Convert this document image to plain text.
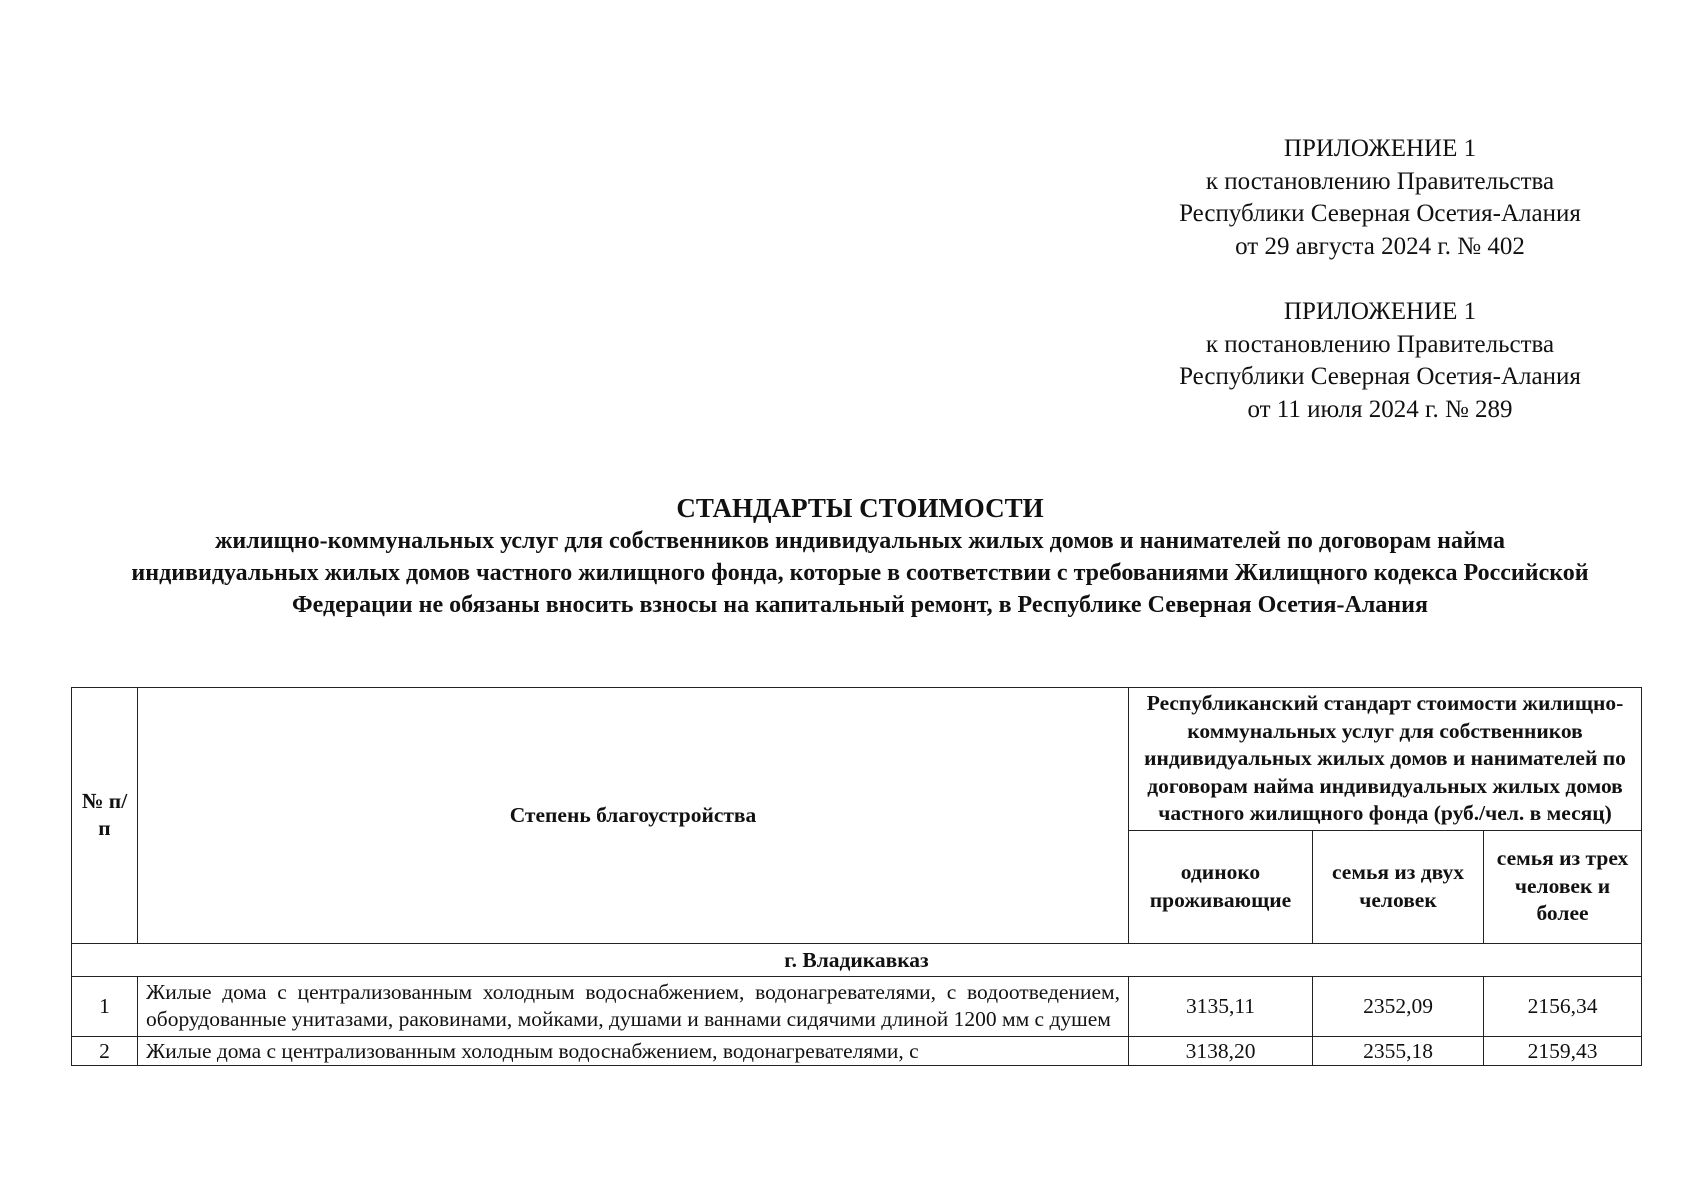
ПРИЛОЖЕНИЕ 1
к постановлению Правительства
Республики Северная Осетия-Алания
от 29 августа 2024 г. № 402
ПРИЛОЖЕНИЕ 1
к постановлению Правительства
Республики Северная Осетия-Алания
от 11 июля 2024 г. № 289
СТАНДАРТЫ СТОИМОСТИ
жилищно-коммунальных услуг для собственников индивидуальных жилых домов и нанимателей по договорам найма индивидуальных жилых домов частного жилищного фонда, которые в соответствии с требованиями Жилищного кодекса Российской Федерации не обязаны вносить взносы на капитальный ремонт, в Республике Северная Осетия-Алания
№ п/п	Степень благоустройства	Республиканский стандарт стоимости жилищно-коммунальных услуг для собственников индивидуальных жилых домов и нанимателей по договорам найма индивидуальных жилых домов частного жилищного фонда (руб./чел. в месяц)		
		одиноко проживающие	семья из двух человек	семья из трех человек и более
г. Владикавказ				
1	Жилые дома с централизованным холодным водоснабжением, водонагревателями, с водоотведением, оборудованные унитазами, раковинами, мойками, душами и ваннами сидячими длиной 1200 мм с душем	3135,11	2352,09	2156,34
2	Жилые дома с централизованным холодным водоснабжением, водонагревателями, с	3138,20	2355,18	2159,43
